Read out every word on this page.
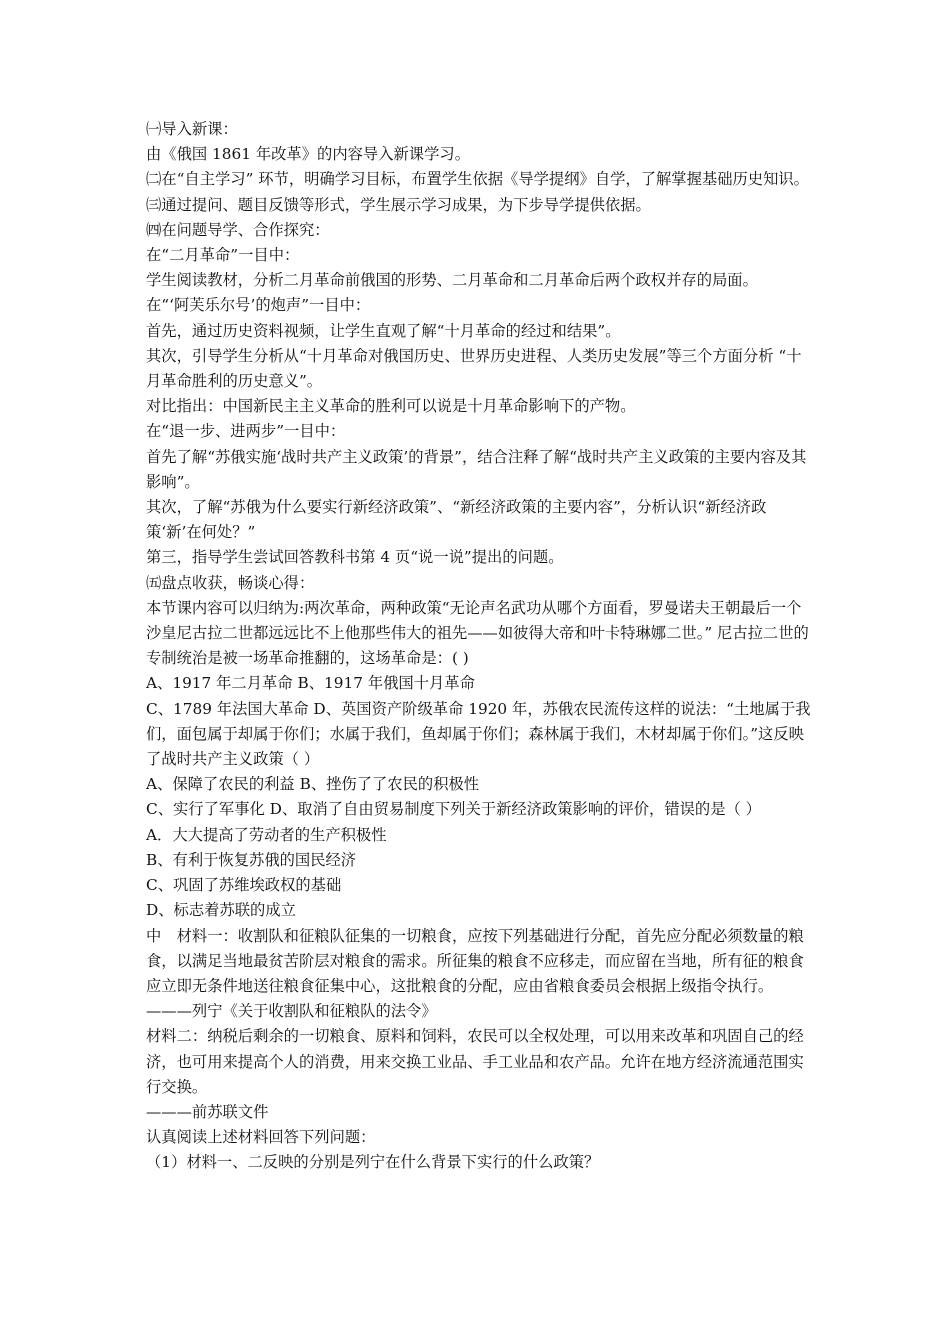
㈠导入新课：

由《俄国 1861 年改革》的内容导入新课学习。

㈡在“自主学习” 环节，明确学习目标，布置学生依据《导学提纲》自学，了解掌握基础历史知识。

㈢通过提问、题目反馈等形式，学生展示学习成果，为下步导学提供依据。

㈣在问题导学、合作探究：

在“二月革命”一目中：

学生阅读教材，分析二月革命前俄国的形势、二月革命和二月革命后两个政权并存的局面。

在“‘阿芙乐尔号’的炮声”一目中：

首先，通过历史资料视频，让学生直观了解“十月革命的经过和结果”。

其次，引导学生分析从“十月革命对俄国历史、世界历史进程、人类历史发展”等三个方面分析 “十月革命胜利的历史意义”。

对比指出：中国新民主主义革命的胜利可以说是十月革命影响下的产物。

在“退一步、进两步”一目中：

首先了解“苏俄实施‘战时共产主义政策’的背景”，结合注释了解“战时共产主义政策的主要内容及其影响”。

其次，了解“苏俄为什么要实行新经济政策”、“新经济政策的主要内容”，分析认识“新经济政策‘新’在何处？”

第三，指导学生尝试回答教科书第 4 页“说一说”提出的问题。

㈤盘点收获，畅谈心得：

本节课内容可以归纳为:两次革命，两种政策“无论声名武功从哪个方面看，罗曼诺夫王朝最后一个沙皇尼古拉二世都远远比不上他那些伟大的祖先——如彼得大帝和叶卡特琳娜二世。” 尼古拉二世的专制统治是被一场革命推翻的，这场革命是：( )

A、1917 年二月革命 B、1917 年俄国十月革命

C、1789 年法国大革命 D、英国资产阶级革命 1920 年，苏俄农民流传这样的说法：“土地属于我们，面包属于却属于你们；水属于我们，鱼却属于你们；森林属于我们，木材却属于你们。”这反映了战时共产主义政策（ ）

A、保障了农民的利益 B、挫伤了了农民的积极性

C、实行了军事化 D、取消了自由贸易制度下列关于新经济政策影响的评价，错误的是（ ）

A．大大提高了劳动者的生产积极性

B、有利于恢复苏俄的国民经济

C、巩固了苏维埃政权的基础

D、标志着苏联的成立

中　材料一：收割队和征粮队征集的一切粮食，应按下列基础进行分配，首先应分配必须数量的粮食，以满足当地最贫苦阶层对粮食的需求。所征集的粮食不应移走，而应留在当地，所有征的粮食应立即无条件地送往粮食征集中心，这批粮食的分配，应由省粮食委员会根据上级指令执行。

———列宁《关于收割队和征粮队的法令》

材料二：纳税后剩余的一切粮食、原料和饲料，农民可以全权处理，可以用来改革和巩固自己的经济，也可用来提高个人的消费，用来交换工业品、手工业品和农产品。允许在地方经济流通范围实行交换。

———前苏联文件

认真阅读上述材料回答下列问题：

（1）材料一、二反映的分别是列宁在什么背景下实行的什么政策？
